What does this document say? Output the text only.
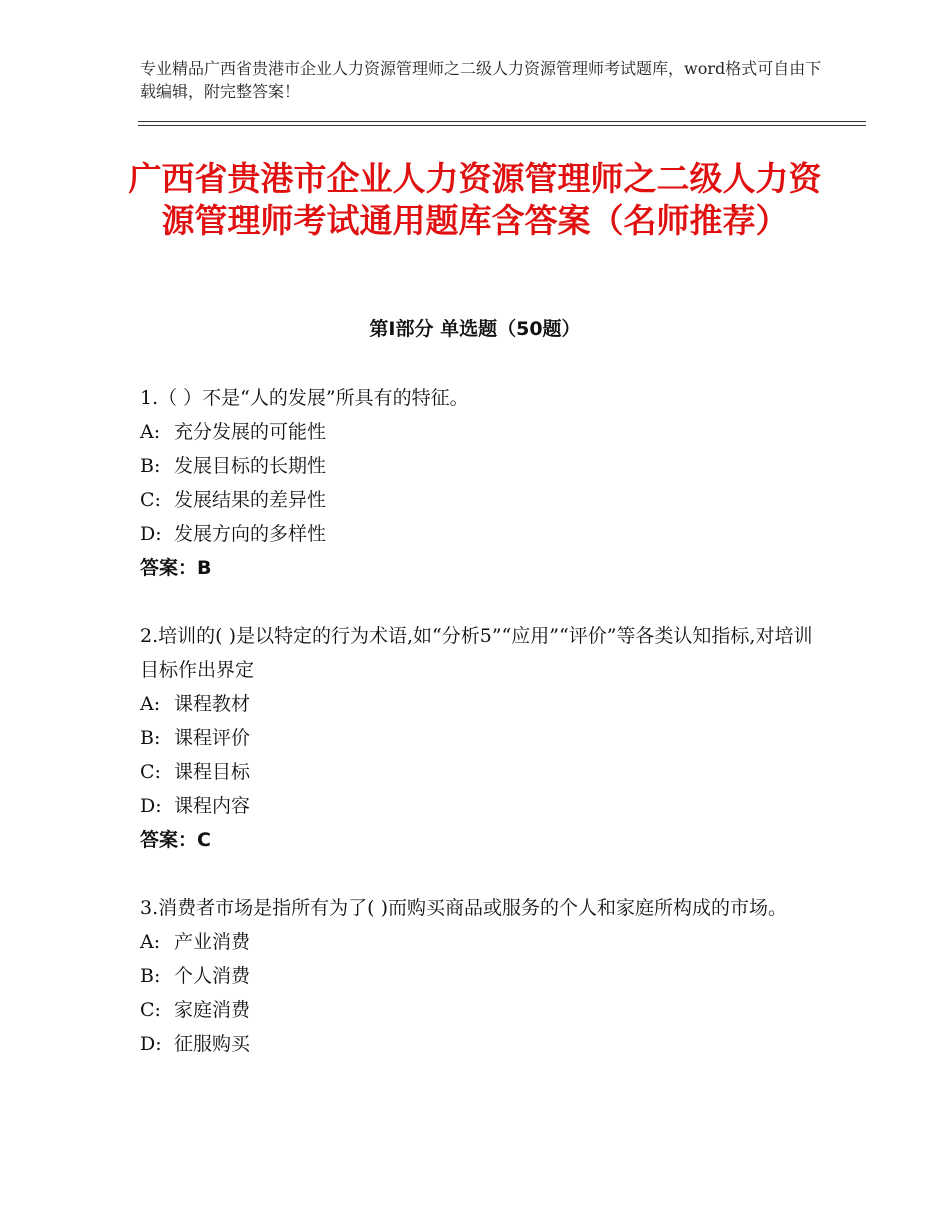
专业精品广西省贵港市企业人力资源管理师之二级人力资源管理师考试题库，word格式可自由下载编辑，附完整答案！
广西省贵港市企业人力资源管理师之二级人力资源管理师考试通用题库含答案（名师推荐）
第Ⅰ部分 单选题（50题）
1.（ ）不是“人的发展”所具有的特征。
A: 充分发展的可能性
B: 发展目标的长期性
C: 发展结果的差异性
D: 发展方向的多样性
答案：B
2.培训的( )是以特定的行为术语,如“分析5”“应用”“评价”等各类认知指标,对培训目标作出界定
A: 课程教材
B: 课程评价
C: 课程目标
D: 课程内容
答案：C
3.消费者市场是指所有为了( )而购买商品或服务的个人和家庭所构成的市场。
A: 产业消费
B: 个人消费
C: 家庭消费
D: 征服购买
